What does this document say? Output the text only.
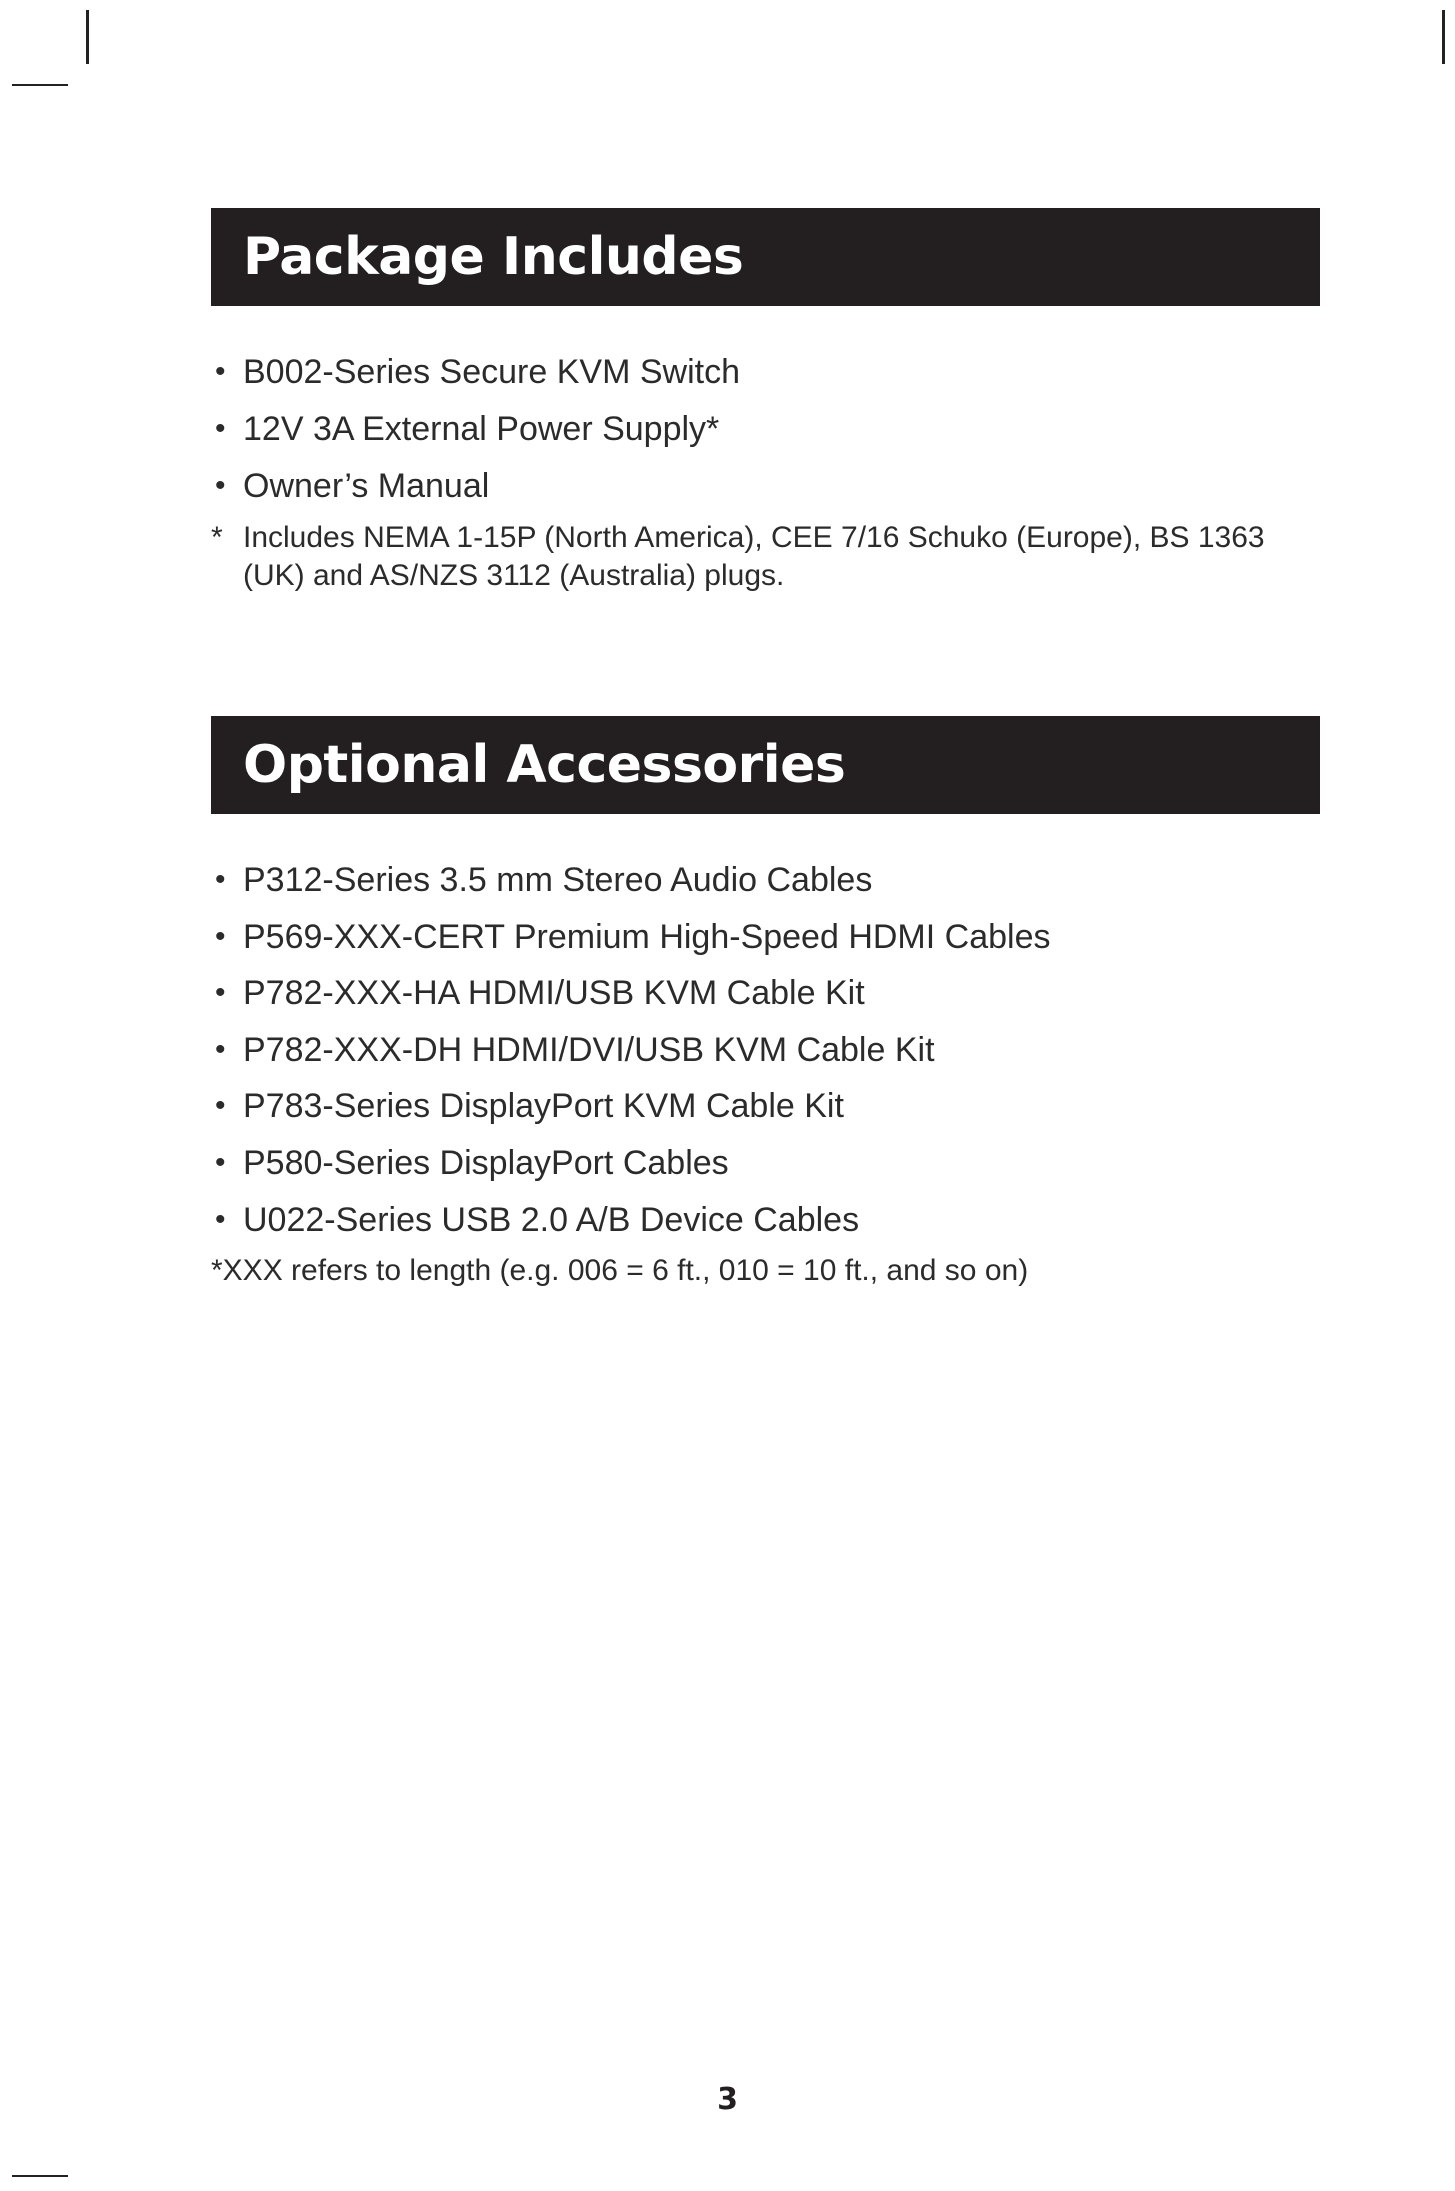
Package Includes
• B002-Series Secure KVM Switch
• 12V 3A External Power Supply*
• Owner’s Manual
* Includes NEMA 1-15P (North America), CEE 7/16 Schuko (Europe), BS 1363 (UK) and AS/NZS 3112 (Australia) plugs.
Optional Accessories
• P312-Series 3.5 mm Stereo Audio Cables
• P569-XXX-CERT Premium High-Speed HDMI Cables
• P782-XXX-HA HDMI/USB KVM Cable Kit
• P782-XXX-DH HDMI/DVI/USB KVM Cable Kit
• P783-Series DisplayPort KVM Cable Kit
• P580-Series DisplayPort Cables
• U022-Series USB 2.0 A/B Device Cables
*XXX refers to length (e.g. 006 = 6 ft., 010 = 10 ft., and so on)
3
